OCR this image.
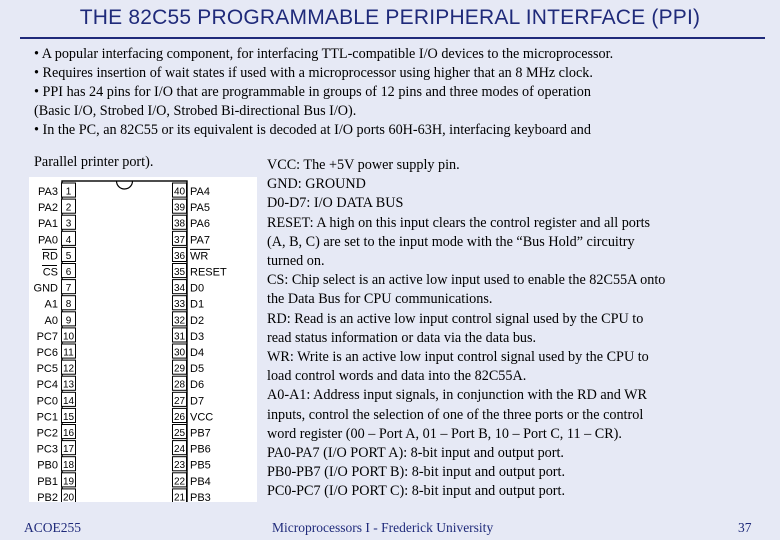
THE 82C55 PROGRAMMABLE PERIPHERAL INTERFACE (PPI)
• A popular interfacing component, for interfacing TTL-compatible I/O devices to the microprocessor.
• Requires insertion of wait states if used with a microprocessor using higher that an 8 MHz clock.
• PPI has 24 pins for I/O that are programmable in groups of 12 pins and three modes of operation
(Basic I/O, Strobed I/O, Strobed Bi-directional Bus I/O).
• In the PC, an 82C55 or its equivalent is decoded at I/O ports 60H-63H, interfacing keyboard and
Parallel printer port).
1
PA3
2
PA2
3
PA1
4
PA0
5
RD
6
CS
7
GND
8
A1
9
A0
10
PC7
11
PC6
12
PC5
13
PC4
14
PC0
15
PC1
16
PC2
17
PC3
18
PB0
19
PB1
20
PB2
40 PA4
39 PA5
38 PA6
37 PA7
36 WR
35 RESET
34 D0
33 D1
32 D2
31 D3
30 D4
29 D5
28 D6
27 D7
26 VCC
25 PB7
24 PB6
23 PB5
22 PB4
21 PB3
VCC: The +5V power supply pin.
GND: GROUND
D0-D7: I/O DATA BUS
RESET: A high on this input clears the control register and all ports
(A, B, C) are set to the input mode with the “Bus Hold” circuitry
turned on.
CS: Chip select is an active low input used to enable the 82C55A onto
the Data Bus for CPU communications.
RD: Read is an active low input control signal used by the CPU to
read status information or data via the data bus.
WR: Write is an active low input control signal used by the CPU to
load control words and data into the 82C55A.
A0-A1: Address input signals, in conjunction with the RD and WR
inputs, control the selection of one of the three ports or the control
word register (00 – Port A, 01 – Port B, 10 – Port C, 11 – CR).
PA0-PA7 (I/O PORT A): 8-bit input and output port.
PB0-PB7 (I/O PORT B): 8-bit input and output port.
PC0-PC7 (I/O PORT C): 8-bit input and output port.
ACOE255	Microprocessors I - Frederick University	37
